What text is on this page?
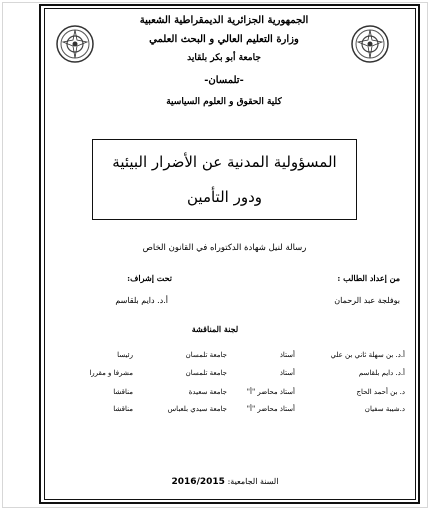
الجمهورية الجزائرية الديمقراطية الشعبية
وزارة التعليم العالي و البحث العلمي
جامعة أبو بكر بلقايد
-تلمسان-
كلية الحقوق و العلوم السياسية
المسؤولية المدنية عن الأضرار البيئية
ودور التأمين
رسالة لنيل شهادة الدكتوراه في القانون الخاص
من إعداد الطالب :
تحت إشراف:
بوفلجة عبد الرحمان
أ.د. دايم بلقاسم
لجنة المناقشة
أ.د. بن سهلة ثاني بن علي
أستاذ
جامعة تلمسان
رئيسا
أ.د. دايم بلقاسم
أستاذ
جامعة تلمسان
مشرفا و مقررا
د. بن أحمد الحاج
أستاذ محاضر "أ"
جامعة سعيدة
مناقشا
د.شيبة سفيان
أستاذ محاضر "أ"
جامعة سيدي بلعباس
مناقشا
السنة الجامعية: 2016/2015
